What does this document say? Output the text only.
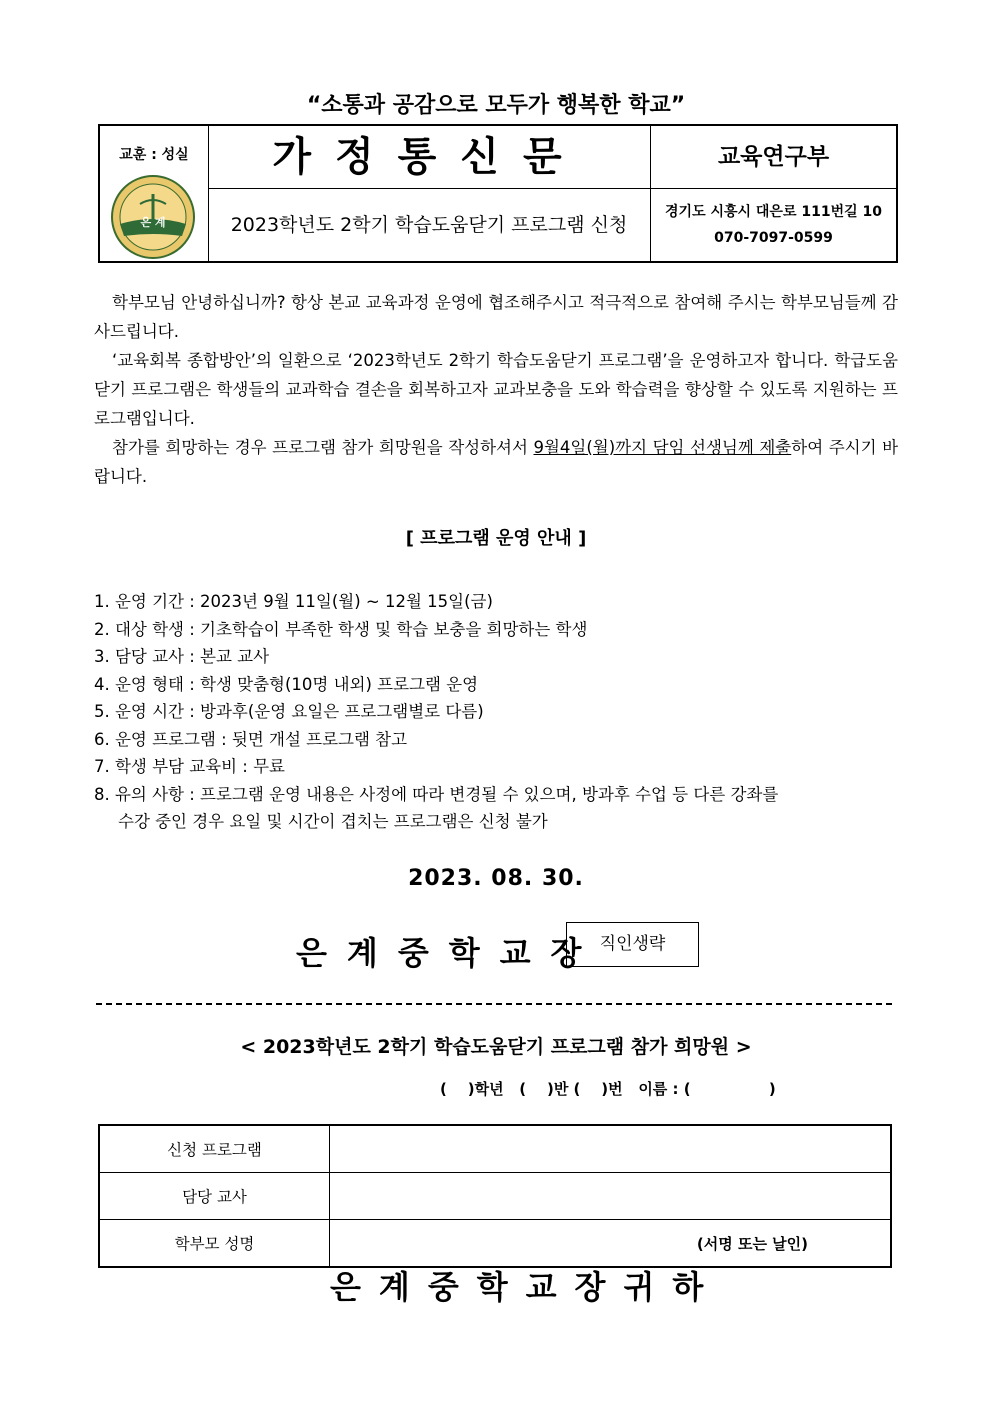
“소통과 공감으로 모두가 행복한 학교”
교훈 : 성실
은 계
가정통신문	교육연구부
2023학년도 2학기 학습도움닫기 프로그램 신청
경기도 시흥시 대은로 111번길 10
070-7097-0599

학부모님 안녕하십니까? 항상 본교 교육과정 운영에 협조해주시고 적극적으로 참여해 주시는 학부모님들께 감사드립니다.

‘교육회복 종합방안’의 일환으로 ‘2023학년도 2학기 학습도움닫기 프로그램’을 운영하고자 합니다. 학급도움닫기 프로그램은 학생들의 교과학습 결손을 회복하고자 교과보충을 도와 학습력을 향상할 수 있도록 지원하는 프로그램입니다.

참가를 희망하는 경우 프로그램 참가 희망원을 작성하셔서 9월4일(월)까지 담임 선생님께 제출하여 주시기 바랍니다.

[ 프로그램 운영 안내 ]
1. 운영 기간 : 2023년 9월 11일(월) ~ 12월 15일(금)
2. 대상 학생 : 기초학습이 부족한 학생 및 학습 보충을 희망하는 학생
3. 담당 교사 : 본교 교사
4. 운영 형태 : 학생 맞춤형(10명 내외) 프로그램 운영
5. 운영 시간 : 방과후(운영 요일은 프로그램별로 다름)
6. 운영 프로그램 : 뒷면 개설 프로그램 참고
7. 학생 부담 교육비 : 무료
8. 유의 사항 : 프로그램 운영 내용은 사정에 따라 변경될 수 있으며, 방과후 수업 등 다른 강좌를
수강 중인 경우 요일 및 시간이 겹치는 프로그램은 신청 불가
2023. 08. 30.
은계중학교장
직인생략
< 2023학년도 2학기 학습도움닫기 프로그램 참가 희망원 >
(    )학년   (    )반 (    )번   이름 : (               )
신청 프로그램	
담당 교사	
학부모 성명	(서명 또는 날인)
은계중학교장귀하
